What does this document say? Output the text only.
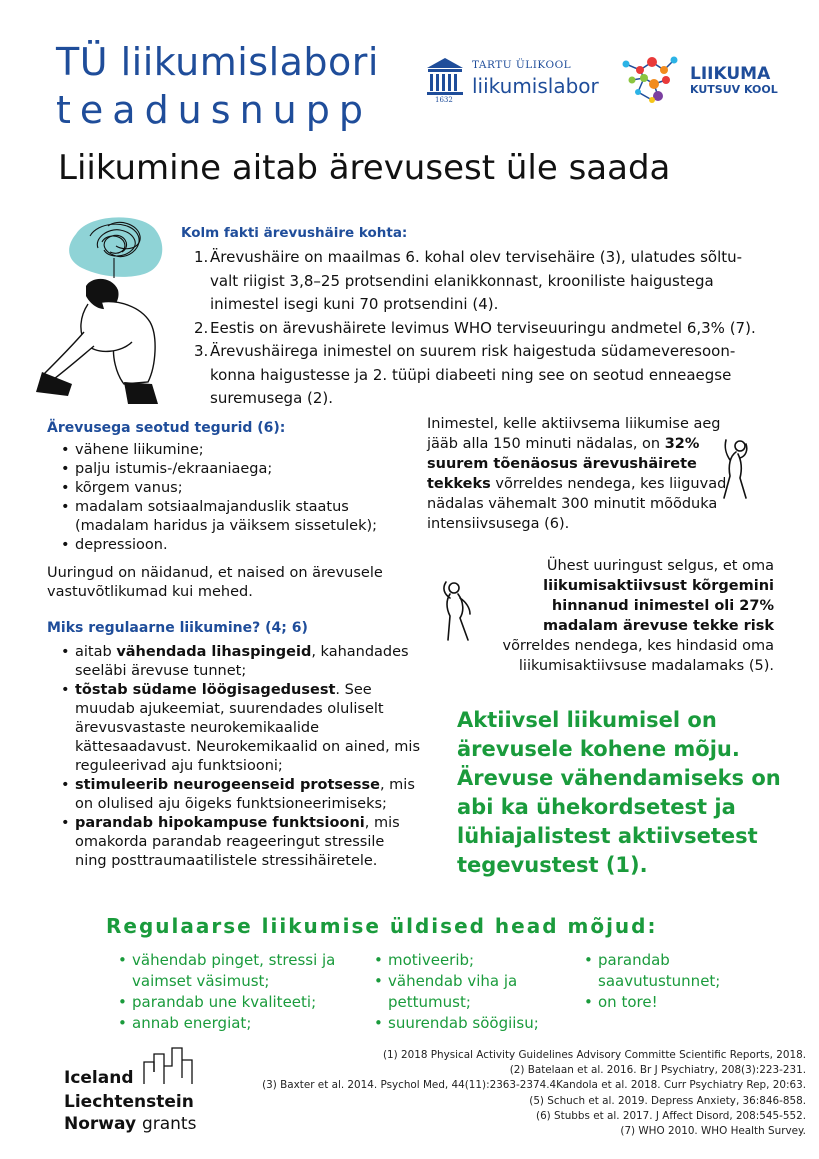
TÜ liikumislabori
teadusnupp	1632
TARTU ÜLIKOOL
liikumislabor	LIIKUMA
KUTSUV KOOL
Liikumine aitab ärevusest üle saada
Kolm fakti ärevushäire kohta:
1. Ärevushäire on maailmas 6. kohal olev tervisehäire (3), ulatudes sõltu-
valt riigist 3,8–25 protsendini elanikkonnast, krooniliste haigustega
inimestel isegi kuni 70 protsendini (4).
2. Eestis on ärevushäirete levimus WHO terviseuuringu andmetel 6,3% (7).
3. Ärevushäirega inimestel on suurem risk haigestuda südameveresoon-
konna haigustesse ja 2. tüüpi diabeeti ning see on seotud enneaegse
suremusega (2).
Ärevusega seotud tegurid (6):
• vähene liikumine;
• palju istumis-/ekraaniaega;
• kõrgem vanus;
• madalam sotsiaalmajanduslik staatus (madalam haridus ja väiksem sissetulek);
• depressioon.
Uuringud on näidanud, et naised on ärevusele vastuvõtlikumad kui mehed.
Miks regulaarne liikumine? (4; 6)
• aitab vähendada lihaspingeid, kahandades seeläbi ärevuse tunnet;
• tõstab südame löögisagedusest. See muudab ajukeemiat, suurendades oluliselt ärevusvastaste neurokemikaalide kättesaadavust. Neurokemikaalid on ained, mis reguleerivad aju funktsiooni;
• stimuleerib neurogeenseid protsesse, mis on olulised aju õigeks funktsioneerimiseks;
• parandab hipokampuse funktsiooni, mis omakorda parandab reageeringut stressile ning posttraumaatilistele stressihäiretele.
Inimestel, kelle aktiivsema liikumise aeg jääb alla 150 minuti nädalas, on 32% suurem tõenäosus ärevushäirete tekkeks võrreldes nendega, kes liiguvad nädalas vähemalt 300 minutit mõõduka intensiivsusega (6).
Ühest uuringust selgus, et oma liikumisaktiivsust kõrgemini hinnanud inimestel oli 27% madalam ärevuse tekke risk võrreldes nendega, kes hindasid oma liikumisaktiivsuse madalamaks (5).
Aktiivsel liikumisel on ärevusele kohene mõju. Ärevuse vähendamiseks on abi ka ühekordsetest ja lühiajalistest aktiivsetest tegevustest (1).
Regulaarse liikumise üldised head mõjud:
• vähendab pinget, stressi ja vaimset väsimust;
• parandab une kvaliteeti;
• annab energiat;
• motiveerib;
• vähendab viha ja pettumust;
• suurendab söögiisu;
• parandab saavutustunnet;
• on tore!
Iceland
Liechtenstein
Norway grants
(1) 2018 Physical Activity Guidelines Advisory Committe Scientific Reports, 2018.
(2) Batelaan et al. 2016. Br J Psychiatry, 208(3):223-231.
(3) Baxter et al. 2014. Psychol Med, 44(11):2363-2374.4Kandola et al. 2018. Curr Psychiatry Rep, 20:63.
(5) Schuch et al. 2019. Depress Anxiety, 36:846-858.
(6) Stubbs et al. 2017. J Affect Disord, 208:545-552.
(7) WHO 2010. WHO Health Survey.
